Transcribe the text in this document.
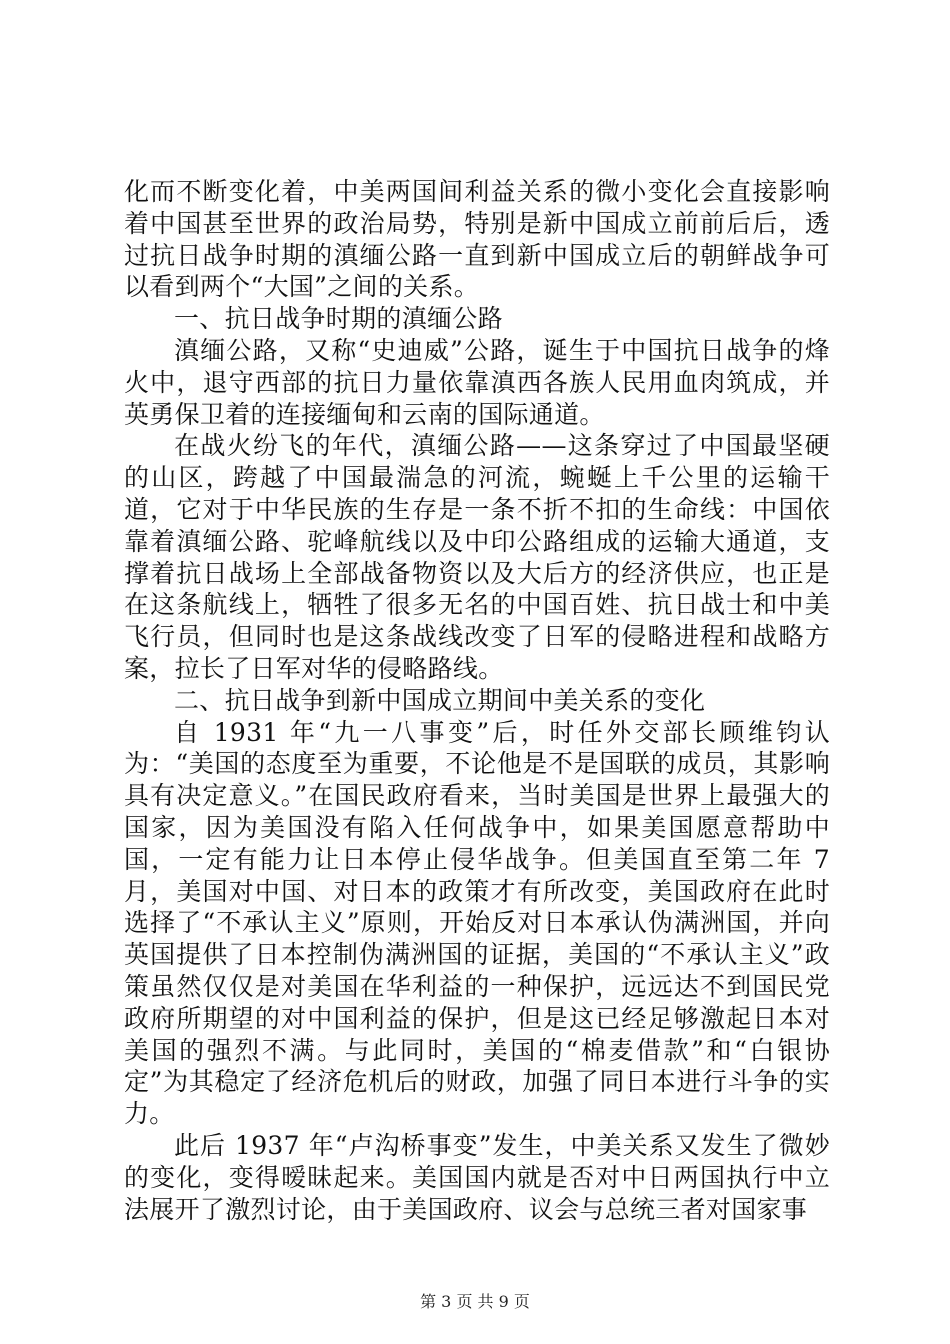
化而不断变化着，中美两国间利益关系的微小变化会直接影响着中国甚至世界的政治局势，特别是新中国成立前前后后，透过抗日战争时期的滇缅公路一直到新中国成立后的朝鲜战争可以看到两个“大国”之间的关系。

一、抗日战争时期的滇缅公路

滇缅公路，又称“史迪威”公路，诞生于中国抗日战争的烽火中，退守西部的抗日力量依靠滇西各族人民用血肉筑成，并英勇保卫着的连接缅甸和云南的国际通道。

在战火纷飞的年代，滇缅公路——这条穿过了中国最坚硬的山区，跨越了中国最湍急的河流，蜿蜒上千公里的运输干道，它对于中华民族的生存是一条不折不扣的生命线：中国依靠着滇缅公路、驼峰航线以及中印公路组成的运输大通道，支撑着抗日战场上全部战备物资以及大后方的经济供应，也正是在这条航线上，牺牲了很多无名的中国百姓、抗日战士和中美飞行员，但同时也是这条战线改变了日军的侵略进程和战略方案，拉长了日军对华的侵略路线。

二、抗日战争到新中国成立期间中美关系的变化

自 1931 年“九一八事变”后，时任外交部长顾维钧认为：“美国的态度至为重要，不论他是不是国联的成员，其影响具有决定意义。”在国民政府看来，当时美国是世界上最强大的国家，因为美国没有陷入任何战争中，如果美国愿意帮助中国，一定有能力让日本停止侵华战争。但美国直至第二年 7 月，美国对中国、对日本的政策才有所改变，美国政府在此时选择了“不承认主义”原则，开始反对日本承认伪满洲国，并向英国提供了日本控制伪满洲国的证据，美国的“不承认主义”政策虽然仅仅是对美国在华利益的一种保护，远远达不到国民党政府所期望的对中国利益的保护，但是这已经足够激起日本对美国的强烈不满。与此同时，美国的“棉麦借款”和“白银协定”为其稳定了经济危机后的财政，加强了同日本进行斗争的实力。

此后 1937 年“卢沟桥事变”发生，中美关系又发生了微妙的变化，变得暧昧起来。美国国内就是否对中日两国执行中立法展开了激烈讨论，由于美国政府、议会与总统三者对国家事

第 3 页 共 9 页
